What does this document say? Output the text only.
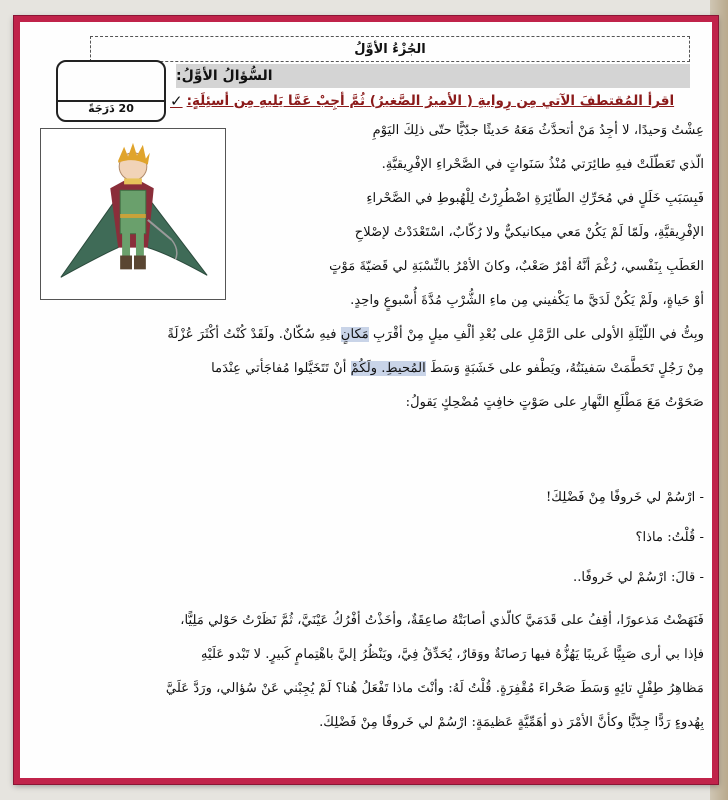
الجُزْءُ الأوَّلُ
السُّؤالُ الأوَّلُ:
20 دَرَجَةً	✓ اقرأ المُقتطفَ الآتي مِن رِوايةِ ( الأميرُ الصَّغيرُ) ثُمَّ أجِبْ عَمَّا يَليهِ مِن أسئِلَةٍ:
عِشْتُ وَحيدًا، لا أجِدُ مَنْ أتحدَّثُ مَعَهُ حَديثًا جدّيًّا حتّى ذلِكَ اليَوْمِ
الّذي تَعَطّلَتْ فيهِ طائِرَتي مُنْذُ سَنَواتٍ في الصَّحْراءِ الإفْرِيقيَّةِ.
فَبِسَبَبِ خَلَلٍ في مُحَرِّكِ الطّائِرَةِ اضْطُرِرْتُ لِلْهُبوطِ في الصَّحْراءِ
الإفْرِيقيَّةِ، ولَمّا لَمْ يَكُنْ مَعي ميكانيكيٌّ ولا رُكّابٌ، اسْتَعْدَدْتُ لإصْلاحِ
العَطَبِ بِنَفْسي، رُغْمَ أنَّهُ أمْرٌ صَعْبٌ، وكانَ الأمْرُ بالنِّسْبَةِ لي قَضيّةَ مَوْتٍ
أوْ حَياةٍ، ولَمْ يَكُنْ لَدَيَّ ما يَكْفيني مِن ماءِ الشُّرْبِ مُدَّةَ أُسْبوعٍ واحِدٍ.
وبِتُّ في اللّيْلَةِ الأولى على الرَّمْلِ على بُعْدِ ألْفِ ميلٍ مِنْ أقْرَبِ مَكانٍ فيهِ سُكّانٌ. ولَقَدْ كُنْتُ أكْثَرَ عُزْلَةً
مِنْ رَجُلٍ تَحَطَّمَتْ سَفينَتُهُ، ويَطْفو على خَشَبَةٍ وَسَطَ المُحيطِ. ولَكُمْ أنْ تَتَخَيَّلوا مُفاجَأتي عِنْدَما
صَحَوْتُ مَعَ مَطْلَعِ النَّهارِ على صَوْتٍ خافِتٍ مُضْحِكٍ يَقولُ:
- ارْسُمْ لي خَروفًا مِنْ فَضْلِكَ!
- قُلْتُ: ماذا؟
- قالَ: ارْسُمْ لي خَروفًا..
فَنَهَضْتُ مَذعورًا، أقِفُ على قَدَمَيَّ كالّذي أصابَتْهُ صاعِقَةٌ، وأخَذْتُ أفْرُكُ عَيْنَيَّ، ثُمَّ نَظَرْتُ حَوْلي مَلِيًّا،
فإذا بي أرى صَبِيًّا غَريبًا يَهُزُّهُ فيها رَصانَةٌ ووَقارٌ، يُحَدِّقُ فِيَّ، ويَنْظُرُ إليَّ باهْتِمامٍ كَبيرٍ. لا تَبْدو عَلَيْهِ
مَظاهِرُ طِفْلٍ تائِهٍ وَسَطَ صَحْراءَ مُقْفِرَةٍ. قُلْتُ لَهُ: وأنْتَ ماذا تَفْعَلُ هُنا؟ لَمْ يُجِبْني عَنْ سُؤالي، ورَدَّ عَلَيَّ
بِهُدوءٍ رَدًّا جِدّيًّا وكأنَّ الأمْرَ ذو أهَمِّيَّةٍ عَظيمَةٍ: ارْسُمْ لي خَروفًا مِنْ فَضْلِكَ.
